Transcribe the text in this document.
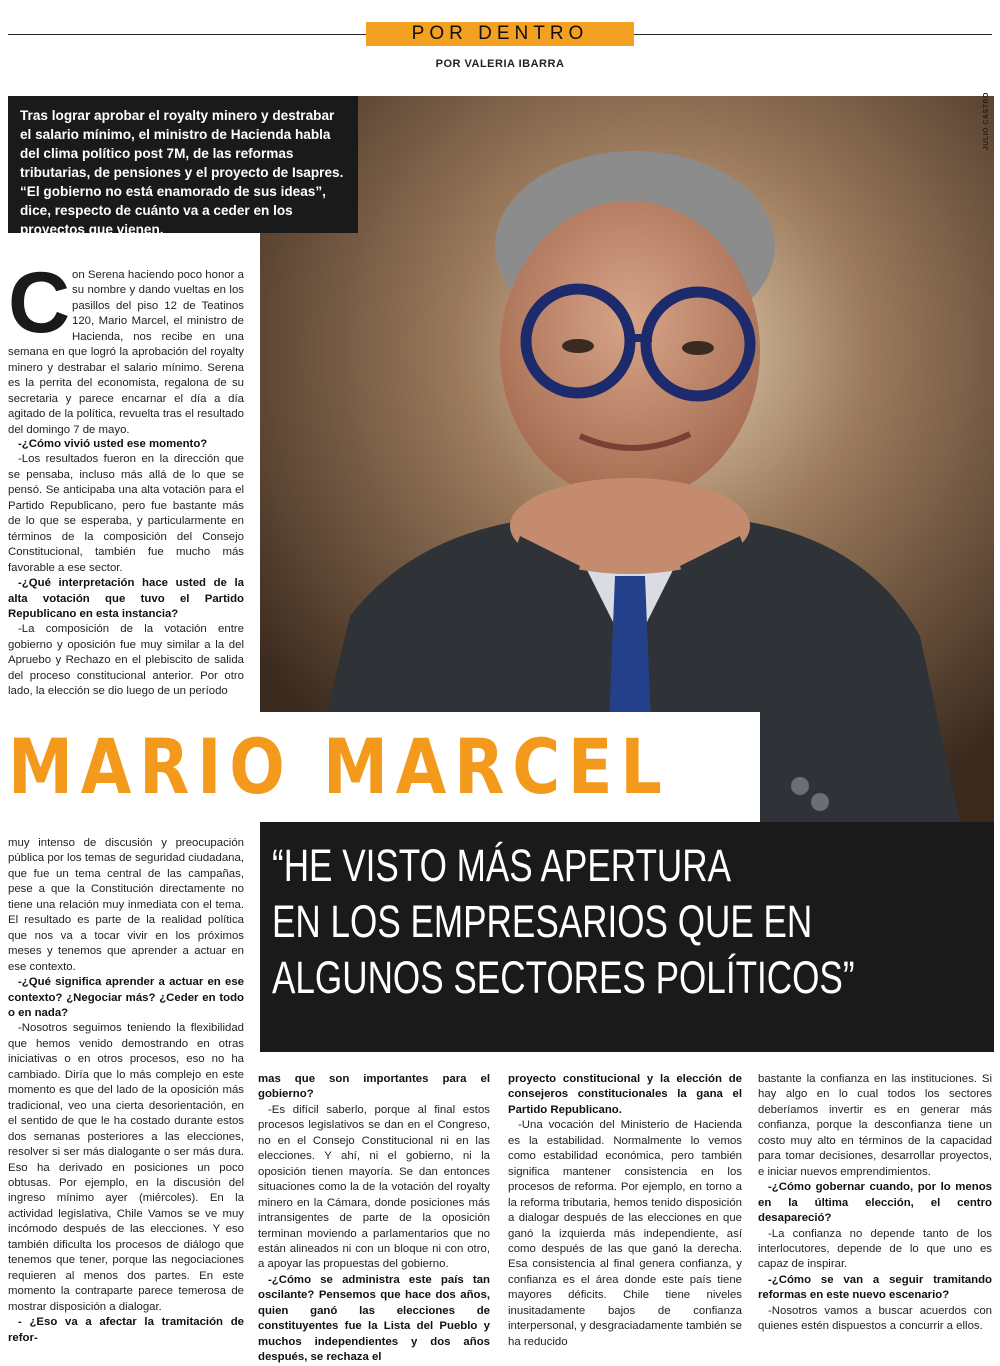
POR DENTRO
POR VALERIA IBARRA
JULIO CASTRO
Tras lograr aprobar el royalty minero y destrabar el salario mínimo, el ministro de Hacienda habla del clima político post 7M, de las reformas tributarias, de pensiones y el proyecto de Isapres. “El gobierno no está enamorado de sus ideas”, dice, respecto de cuánto va a ceder en los proyectos que vienen.
C on Serena haciendo poco honor a su nombre y dando vueltas en los pasillos del piso 12 de Teatinos 120, Mario Marcel, el ministro de Hacienda, nos recibe en una semana en que logró la aprobación del royalty minero y destrabar el salario mínimo. Serena es la perrita del economista, regalona de su secretaria y parece encarnar el día a día agitado de la política, revuelta tras el resultado del domingo 7 de mayo.

-¿Cómo vivió usted ese momento?

-Los resultados fueron en la dirección que se pensaba, incluso más allá de lo que se pensó. Se anticipaba una alta votación para el Partido Republicano, pero fue bastante más de lo que se esperaba, y particularmente en términos de la composición del Consejo Constitucional, también fue mucho más favorable a ese sector.

-¿Qué interpretación hace usted de la alta votación que tuvo el Partido Republicano en esta instancia?

-La composición de la votación entre gobierno y oposición fue muy similar a la del Apruebo y Rechazo en el plebiscito de salida del proceso constitucional anterior. Por otro lado, la elección se dio luego de un período

MARIO MARCEL
“HE VISTO MÁS APERTURA
EN LOS EMPRESARIOS QUE EN
ALGUNOS SECTORES POLÍTICOS”

muy intenso de discusión y preocupación pública por los temas de seguridad ciudadana, que fue un tema central de las campañas, pese a que la Constitución directamente no tiene una relación muy inmediata con el tema. El resultado es parte de la realidad política que nos va a tocar vivir en los próximos meses y tenemos que aprender a actuar en ese contexto.

-¿Qué significa aprender a actuar en ese contexto? ¿Negociar más? ¿Ceder en todo o en nada?

-Nosotros seguimos teniendo la flexibilidad que hemos venido demostrando en otras iniciativas o en otros procesos, eso no ha cambiado. Diría que lo más complejo en este momento es que del lado de la oposición más tradicional, veo una cierta desorientación, en el sentido de que le ha costado durante estos dos semanas posteriores a las elecciones, resolver si ser más dialogante o ser más dura. Eso ha derivado en posiciones un poco obtusas. Por ejemplo, en la discusión del ingreso mínimo ayer (miércoles). En la actividad legislativa, Chile Vamos se ve muy incómodo después de las elecciones. Y eso también dificulta los procesos de diálogo que tenemos que tener, porque las negociaciones requieren al menos dos partes. En este momento la contraparte parece temerosa de mostrar disposición a dialogar.

- ¿Eso va a afectar la tramitación de refor-

mas que son importantes para el gobierno?

-Es difícil saberlo, porque al final estos procesos legislativos se dan en el Congreso, no en el Consejo Constitucional ni en las elecciones. Y ahí, ni el gobierno, ni la oposición tienen mayoría. Se dan entonces situaciones como la de la votación del royalty minero en la Cámara, donde posiciones más intransigentes de parte de la oposición terminan moviendo a parlamentarios que no están alineados ni con un bloque ni con otro, a apoyar las propuestas del gobierno.

-¿Cómo se administra este país tan oscilante? Pensemos que hace dos años, quien ganó las elecciones de constituyentes fue la Lista del Pueblo y muchos independientes y dos años después, se rechaza el

proyecto constitucional y la elección de consejeros constitucionales la gana el Partido Republicano.

-Una vocación del Ministerio de Hacienda es la estabilidad. Normalmente lo vemos como estabilidad económica, pero también significa mantener consistencia en los procesos de reforma. Por ejemplo, en torno a la reforma tributaria, hemos tenido disposición a dialogar después de las elecciones en que ganó la izquierda más independiente, así como después de las que ganó la derecha. Esa consistencia al final genera confianza, y confianza es el área donde este país tiene mayores déficits. Chile tiene niveles inusitadamente bajos de confianza interpersonal, y desgraciadamente también se ha reducido

bastante la confianza en las instituciones. Si hay algo en lo cual todos los sectores deberíamos invertir es en generar más confianza, porque la desconfianza tiene un costo muy alto en términos de la capacidad para tomar decisiones, desarrollar proyectos, e iniciar nuevos emprendimientos.

-¿Cómo gobernar cuando, por lo menos en la última elección, el centro desapareció?

-La confianza no depende tanto de los interlocutores, depende de lo que uno es capaz de inspirar.

-¿Cómo se van a seguir tramitando reformas en este nuevo escenario?

-Nosotros vamos a buscar acuerdos con quienes estén dispuestos a concurrir a ellos.
